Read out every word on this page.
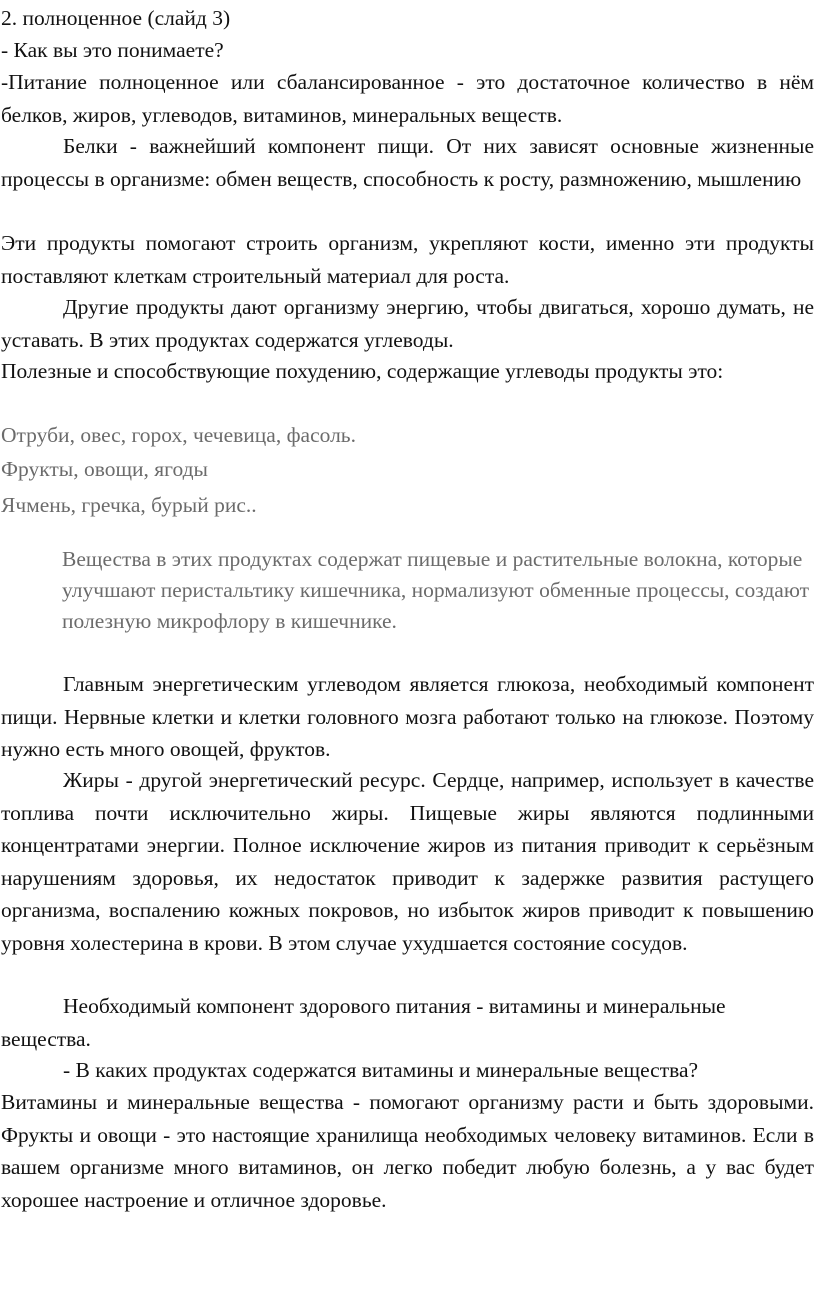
2. полноценное (слайд 3)

- Как вы это понимаете?

-Питание полноценное или сбалансированное - это достаточное количество в нём белков, жиров, углеводов, витаминов, минеральных веществ.

Белки - важнейший компонент пищи. От них зависят основные жизненные процессы в организме: обмен веществ, способность к росту, размножению, мышлению

Эти продукты помогают строить организм, укрепляют кости, именно эти продукты поставляют клеткам строительный материал для роста.

Другие продукты дают организму энергию, чтобы двигаться, хорошо думать, не уставать. В этих продуктах содержатся углеводы.

Полезные и способствующие похудению, содержащие углеводы продукты это:

Отруби, овес, горох, чечевица, фасоль.

Фрукты, овощи, ягоды

Ячмень, гречка, бурый рис..

Вещества в этих продуктах содержат пищевые и растительные волокна, которые улучшают перистальтику кишечника, нормализуют обменные процессы, создают полезную микрофлору в кишечнике.

Главным энергетическим углеводом является глюкоза, необходимый компонент пищи. Нервные клетки и клетки головного мозга работают только на глюкозе. Поэтому нужно есть много овощей, фруктов.

Жиры - другой энергетический ресурс. Сердце, например, использует в качестве топлива почти исключительно жиры. Пищевые жиры являются подлинными концентратами энергии. Полное исключение жиров из питания приводит к серьёзным нарушениям здоровья, их недостаток приводит к задержке развития растущего организма, воспалению кожных покровов, но избыток жиров приводит к повышению уровня холестерина в крови. В этом случае ухудшается состояние сосудов.

Необходимый компонент здорового питания - витамины и минеральные вещества.

- В каких продуктах содержатся витамины и минеральные вещества?

Витамины и минеральные вещества - помогают организму расти и быть здоровыми. Фрукты и овощи - это настоящие хранилища необходимых человеку витаминов. Если в вашем организме много витаминов, он легко победит любую болезнь, а у вас будет хорошее настроение и отличное здоровье.
